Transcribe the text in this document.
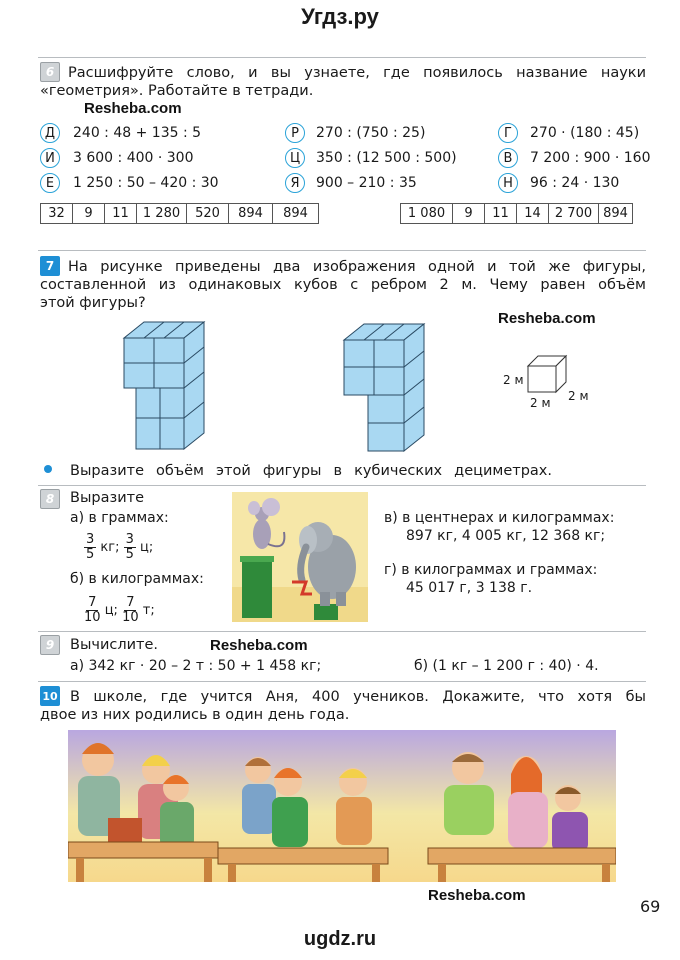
Угдз.ру
ugdz.ru
69
6 Расшифруйте слово, и вы узнаете, где появилось название науки
«геометрия». Работайте в тетради.
Resheba.com
Д	240 : 48 + 135 : 5	Р	270 : (750 : 25)	Г	270 · (180 : 45)
И	3 600 : 400 · 300	Ц	350 : (12 500 : 500)	В	7 200 : 900 · 160
Е	1 250 : 50 – 420 : 30	Я	900 – 210 : 35	Н	96 : 24 · 130
32	9	11	1 280	520	894	894	1 080	9	11	14	2 700	894
7 На рисунке приведены два изображения одной и той же фигуры,
составленной из одинаковых кубов с ребром 2 м. Чему равен объём
этой фигуры?
Resheba.com
2 м
2 м 2 м
Выразите объём этой фигуры в кубических дециметрах.
8	Выразите
а) в граммах:
$\frac{3}{5}$ кг; $\frac{3}{5} ц$;
б) в килограммах:
$\frac{7}{10} ц$; $\frac{7}{10} т$;
в) в центнерах и килограммах:
897 кг, 4 005 кг, 12 368 кг;
г) в килограммах и граммах:
45 017 г, 3 138 г.
9	Вычислите.	Resheba.com
а) 342 кг · 20 – 2 т : 50 + 1 458 кг;	б) (1 кг – 1 200 г : 40) · 4.
10 В школе, где учится Аня, 400 учеников. Докажите, что хотя бы
двое из них родились в один день года.
Resheba.com
